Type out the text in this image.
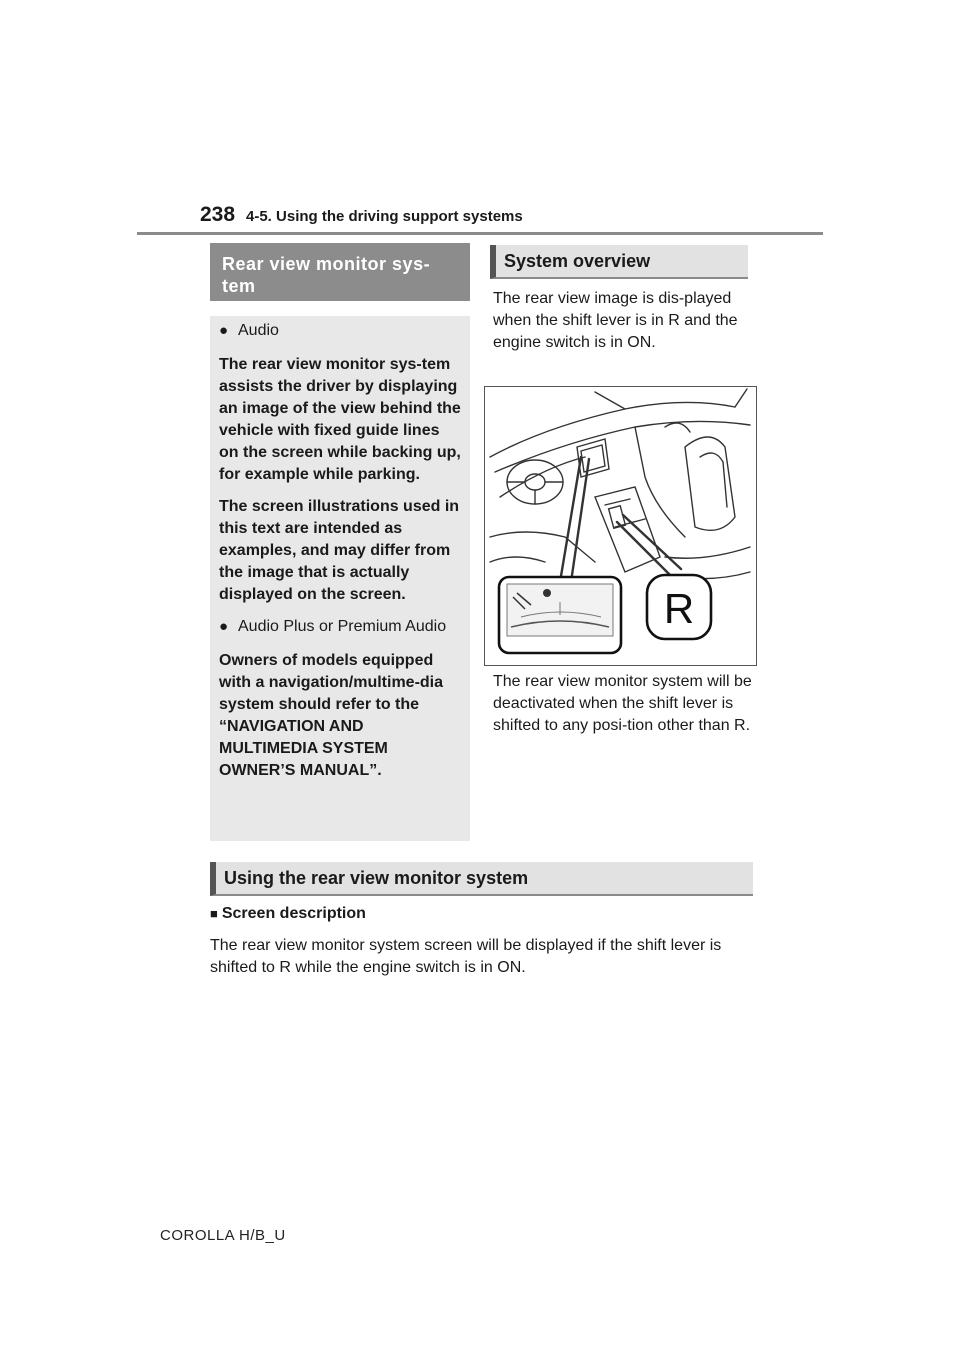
238 4-5. Using the driving support systems
Rear view monitor sys-tem
● Audio

The rear view monitor sys-tem assists the driver by displaying an image of the view behind the vehicle with fixed guide lines on the screen while backing up, for example while parking.

The screen illustrations used in this text are intended as examples, and may differ from the image that is actually displayed on the screen.

● Audio Plus or Premium Audio

Owners of models equipped with a navigation/multime-dia system should refer to the “NAVIGATION AND MULTIMEDIA SYSTEM OWNER’S MANUAL”.

System overview
The rear view image is dis-played when the shift lever is in R and the engine switch is in ON.
R
The rear view monitor system will be deactivated when the shift lever is shifted to any posi-tion other than R.
Using the rear view monitor system
■ Screen description
The rear view monitor system screen will be displayed if the shift lever is shifted to R while the engine switch is in ON.
COROLLA H/B_U
